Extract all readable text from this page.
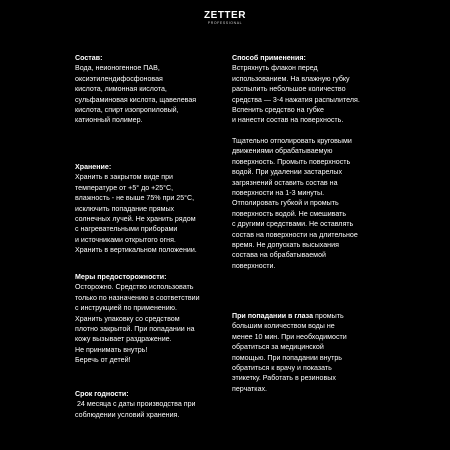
ZETTER
PROFESSIONAL
Состав:
Вода, неионогенное ПАВ,
оксиэтилендифосфоновая
кислота, лимонная кислота,
сульфаминовая кислота, щавелевая
кислота, спирт изопропиловый,
катионный полимер.
Хранение:
Хранить в закрытом виде при
температуре от +5° до +25°С,
влажность - не выше 75% при 25°С,
исключить попадание прямых
солнечных лучей. Не хранить рядом
с нагревательными приборами
и источниками открытого огня.
Хранить в вертикальном положении.
Меры предосторожности:
Осторожно. Средство использовать
только по назначению в соответствии
с инструкцией по применению.
Хранить упаковку со средством
плотно закрытой. При попадании на
кожу вызывает раздражение.
Не принимать внутрь!
Беречь от детей!
Срок годности:
24 месяца с даты производства при
соблюдении условий хранения.
Способ применения:
Встряхнуть флакон перед
использованием. На влажную губку
распылить небольшое количество
средства — 3-4 нажатия распылителя.
Вспенить средство на губке
и нанести состав на поверхность.
Тщательно отполировать круговыми
движениями обрабатываемую
поверхность. Промыть поверхность
водой. При удалении застарелых
загрязнений оставить состав на
поверхности на 1-3 минуты.
Отполировать губкой и промыть
поверхность водой. Не смешивать
с другими средствами. Не оставлять
состав на поверхности на длительное
время. Не допускать высыхания
состава на обрабатываемой
поверхности.
При попадании в глаза промыть
большим количеством воды не
менее 10 мин. При необходимости
обратиться за медицинской
помощью. При попадании внутрь
обратиться к врачу и показать
этикетку. Работать в резиновых
перчатках.
